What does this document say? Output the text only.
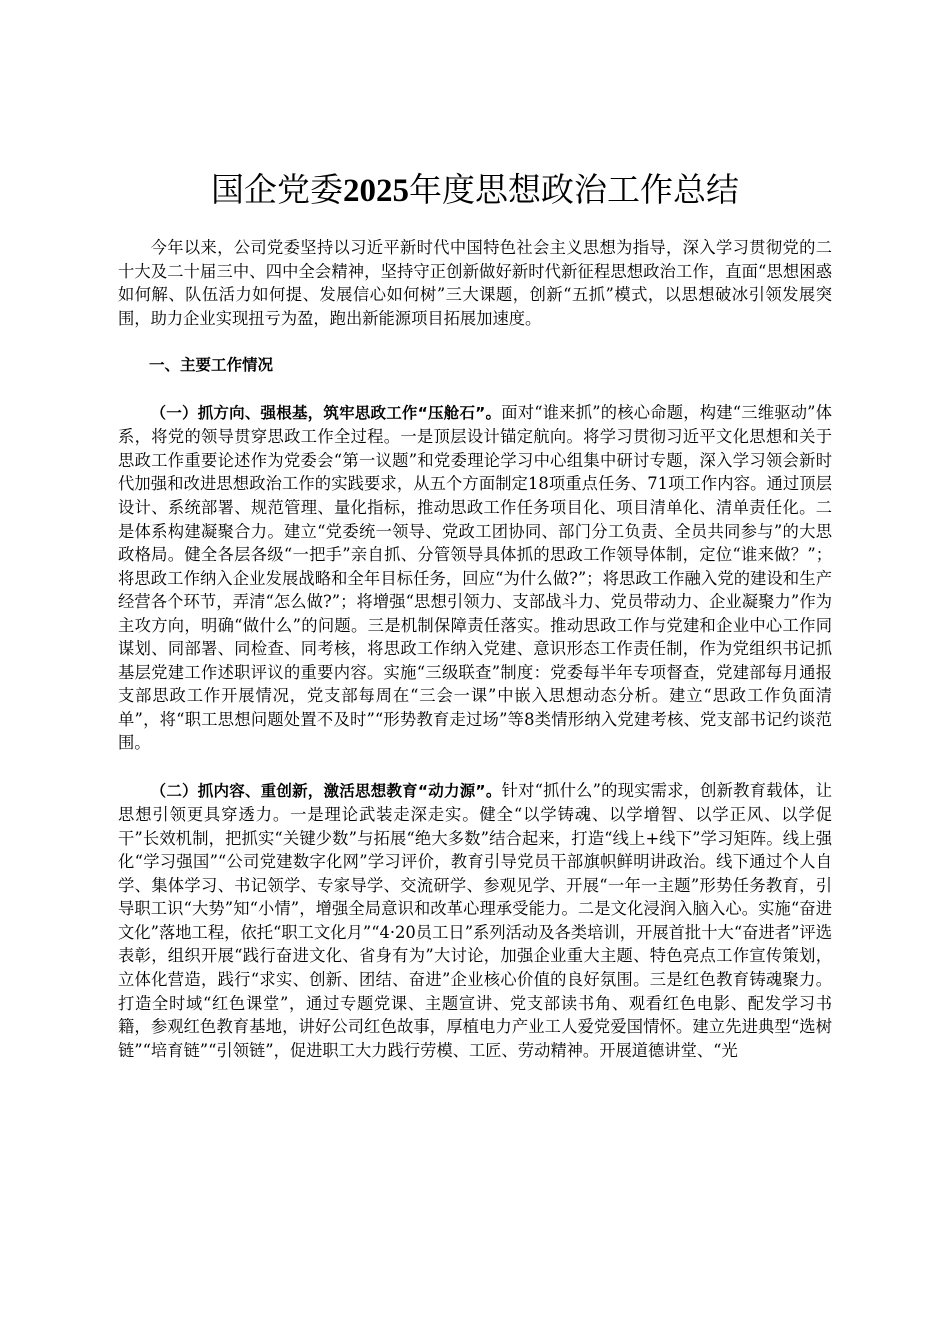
国企党委2025年度思想政治工作总结

今年以来，公司党委坚持以习近平新时代中国特色社会主义思想为指导，深入学习贯彻党的二十大及二十届三中、四中全会精神，坚持守正创新做好新时代新征程思想政治工作，直面“思想困惑如何解、队伍活力如何提、发展信心如何树”三大课题，创新“五抓”模式，以思想破冰引领发展突围，助力企业实现扭亏为盈，跑出新能源项目拓展加速度。

一、主要工作情况

（一）抓方向、强根基，筑牢思政工作“压舱石”。面对“谁来抓”的核心命题，构建“三维驱动”体系，将党的领导贯穿思政工作全过程。一是顶层设计锚定航向。将学习贯彻习近平文化思想和关于思政工作重要论述作为党委会“第一议题”和党委理论学习中心组集中研讨专题，深入学习领会新时代加强和改进思想政治工作的实践要求，从五个方面制定18项重点任务、71项工作内容。通过顶层设计、系统部署、规范管理、量化指标，推动思政工作任务项目化、项目清单化、清单责任化。二是体系构建凝聚合力。建立“党委统一领导、党政工团协同、部门分工负责、全员共同参与”的大思政格局。健全各层各级“一把手”亲自抓、分管领导具体抓的思政工作领导体制，定位“谁来做？”；将思政工作纳入企业发展战略和全年目标任务，回应“为什么做?”；将思政工作融入党的建设和生产经营各个环节，弄清“怎么做?”；将增强“思想引领力、支部战斗力、党员带动力、企业凝聚力”作为主攻方向，明确“做什么”的问题。三是机制保障责任落实。推动思政工作与党建和企业中心工作同谋划、同部署、同检查、同考核，将思政工作纳入党建、意识形态工作责任制，作为党组织书记抓基层党建工作述职评议的重要内容。实施“三级联查”制度：党委每半年专项督查，党建部每月通报支部思政工作开展情况，党支部每周在“三会一课”中嵌入思想动态分析。建立“思政工作负面清单”，将“职工思想问题处置不及时”“形势教育走过场”等8类情形纳入党建考核、党支部书记约谈范围。

（二）抓内容、重创新，激活思想教育“动力源”。针对“抓什么”的现实需求，创新教育载体，让思想引领更具穿透力。一是理论武装走深走实。健全“以学铸魂、以学增智、以学正风、以学促干”长效机制，把抓实“关键少数”与拓展“绝大多数”结合起来，打造“线上+线下”学习矩阵。线上强化“学习强国”“公司党建数字化网”学习评价，教育引导党员干部旗帜鲜明讲政治。线下通过个人自学、集体学习、书记领学、专家导学、交流研学、参观见学、开展“一年一主题”形势任务教育，引导职工识“大势”知“小情”，增强全局意识和改革心理承受能力。二是文化浸润入脑入心。实施“奋进文化”落地工程，依托“职工文化月”“4·20员工日”系列活动及各类培训，开展首批十大“奋进者”评选表彰，组织开展“践行奋进文化、省身有为”大讨论，加强企业重大主题、特色亮点工作宣传策划，立体化营造，践行“求实、创新、团结、奋进”企业核心价值的良好氛围。三是红色教育铸魂聚力。打造全时域“红色课堂”，通过专题党课、主题宣讲、党支部读书角、观看红色电影、配发学习书籍，参观红色教育基地，讲好公司红色故事，厚植电力产业工人爱党爱国情怀。建立先进典型“选树链”“培育链”“引领链”，促进职工大力践行劳模、工匠、劳动精神。开展道德讲堂、“光
